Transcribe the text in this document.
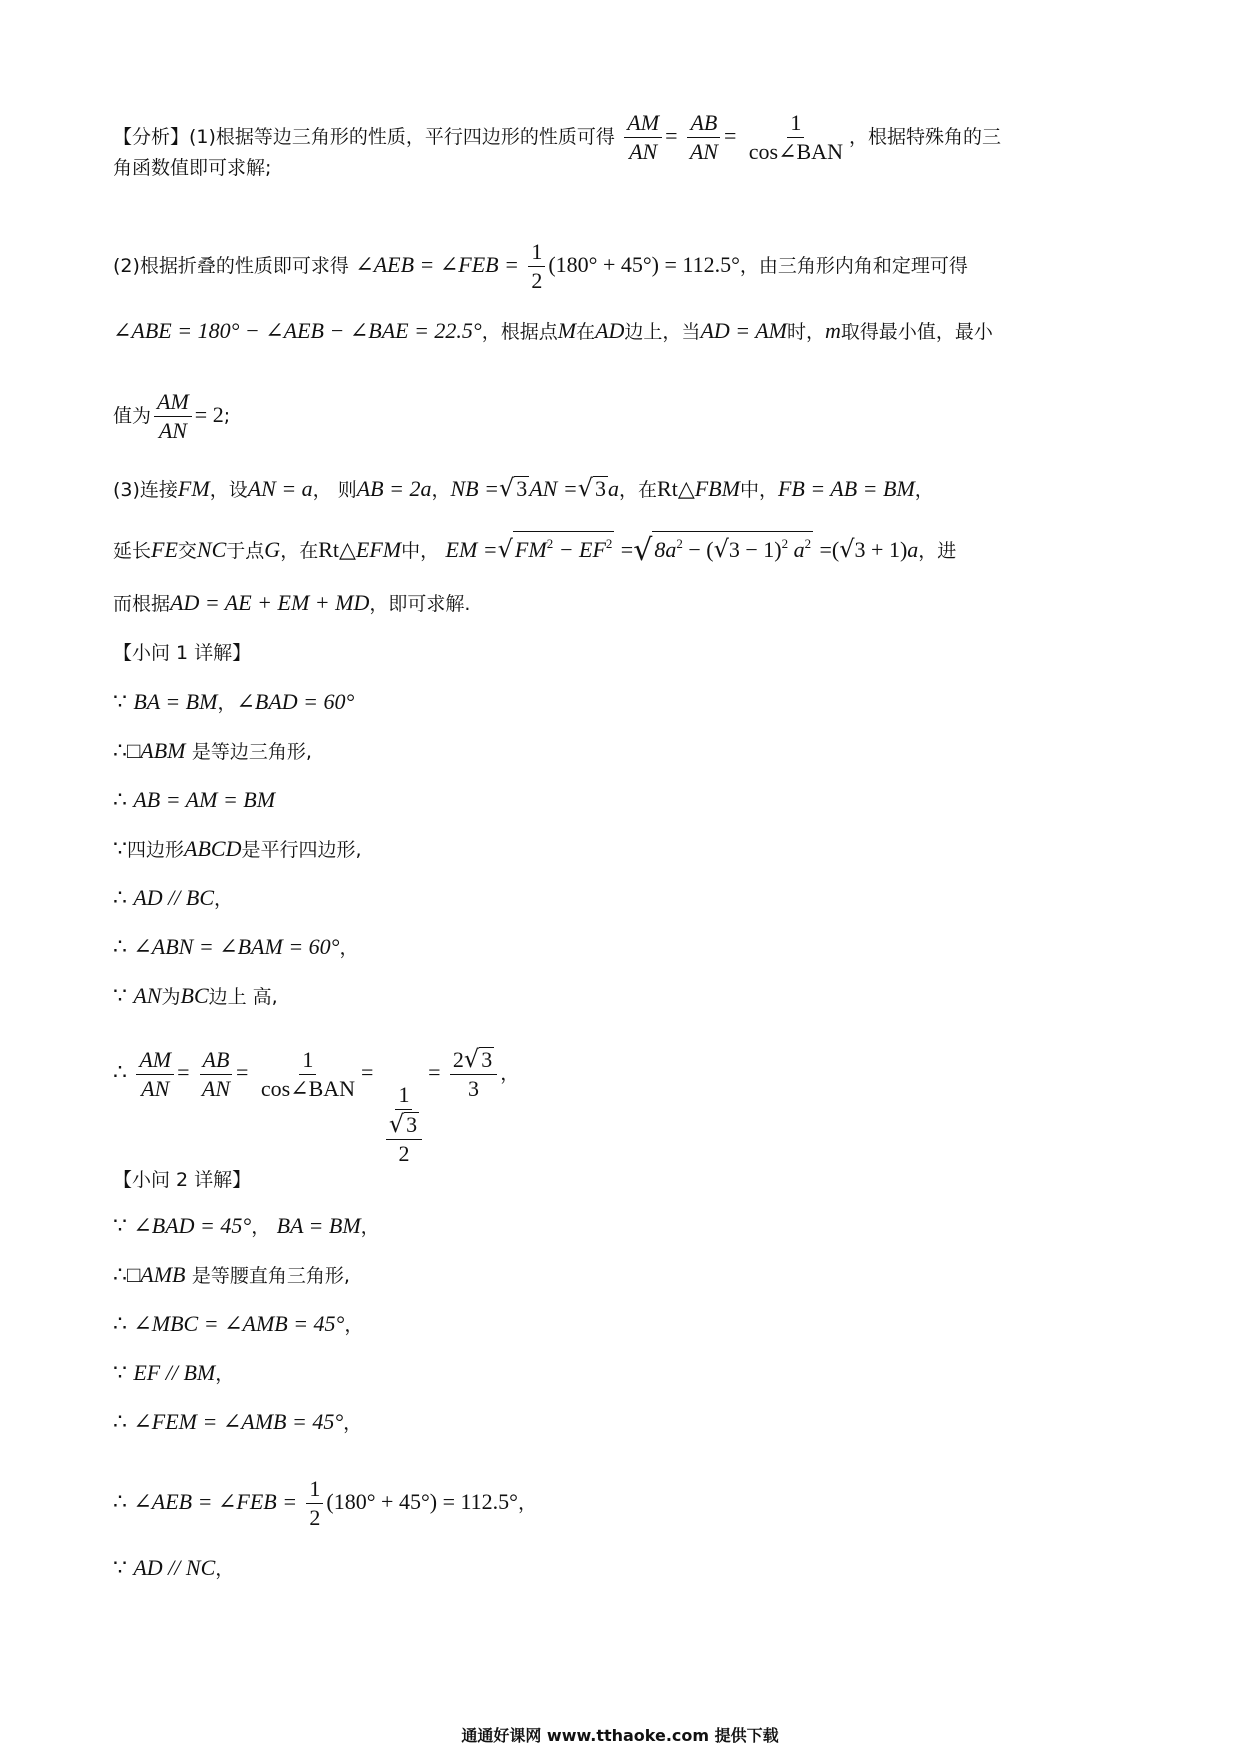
【分析】(1)根据等边三角形的性质，平行四边形的性质可得 $\frac{AM}{AN} = \frac{AB}{AN} = \frac{1}{\text{cos∠BAN}}$ ，根据特殊角的三
角函数值即可求解;
(2)根据折叠的性质即可求得 ∠AEB = ∠FEB = $\frac{1}{2} (180^\circ + 45^\circ) = 112.5^\circ$，由三角形内角和定理可得
∠ABE = 180° − ∠AEB − ∠BAE = 22.5°，根据点M在AD边上，当AD = AM时，m取得最小值，最小
值为 $\frac{AM}{AN} = 2$;
(3)连接FM，设AN = a， 则AB = 2a，NB =√3AN =√3a，在Rt△FBM中，FB = AB = BM，
延长FE交NC于点G，在Rt△EFM中， EM $=√FM^2 - EF^2 =√8a^2 - (√3 - 1)^2$ $a^2 =(√3 + 1)a$，进
而根据AD = AE + EM + MD，即可求解.
【小问 1 详解】
∵ BA = BM，∠BAD = 60°
∴□ABM 是等边三角形,
∴ AB = AM = BM
∵四边形ABCD是平行四边形,
∴ AD // BC，
∴ ∠ABN = ∠BAM = 60°，
∵ AN为BC边上 高,
∴ $\frac{AM}{AN} = \frac{AB}{AN} = \frac{1}{\text{cos∠BAN}}$ =
$\frac{1}{\frac{√3}{2}}$
= $\frac{2√3}{3}$ ，
【小问 2 详解】
∵ ∠BAD = 45°， BA = BM，
∴□AMB 是等腰直角三角形,
∴ ∠MBC = ∠AMB = 45°，
∵ EF // BM，
∴ ∠FEM = ∠AMB = 45°，
∴ ∠AEB = ∠FEB = $\frac{1}{2} (180^\circ + 45^\circ) = 112.5^\circ$，
∵ AD // NC，
通通好课网 www.tthaoke.com 提供下载
